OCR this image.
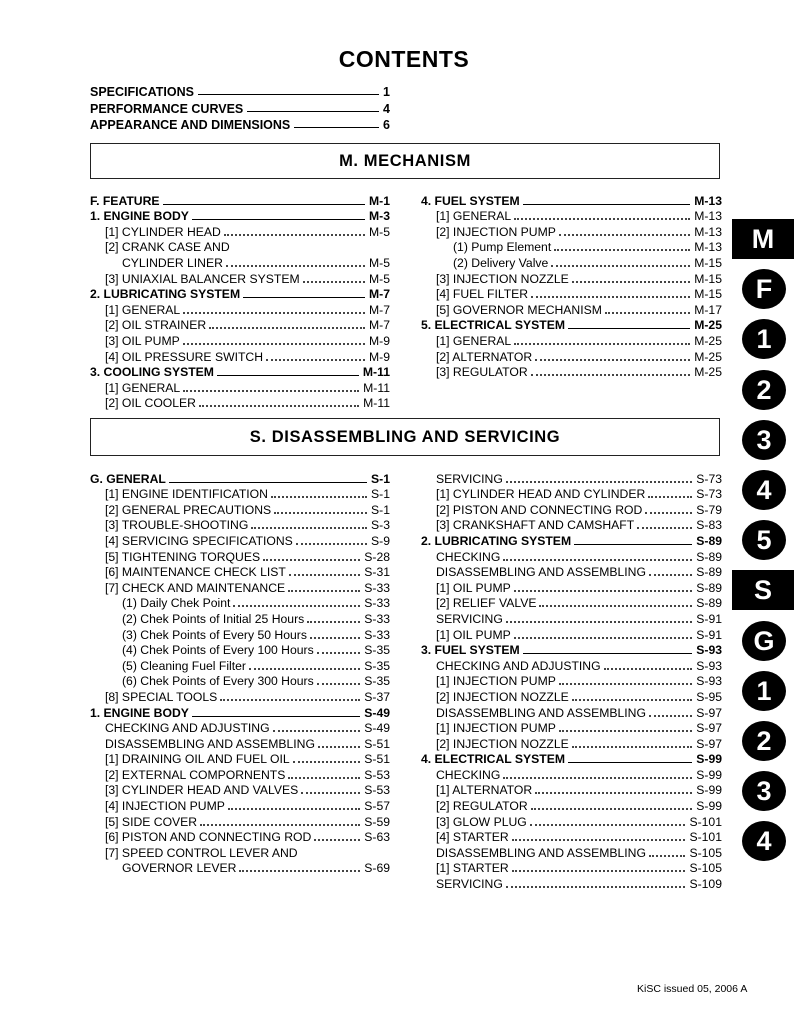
CONTENTS
SPECIFICATIONS	1
PERFORMANCE CURVES	4
APPEARANCE AND DIMENSIONS	6
M. MECHANISM
F. FEATURE	M-1
1. ENGINE BODY	M-3
[1] CYLINDER HEAD	M-5
[2] CRANK CASE AND
CYLINDER LINER	M-5
[3] UNIAXIAL BALANCER SYSTEM	M-5
2. LUBRICATING SYSTEM	M-7
[1] GENERAL	M-7
[2] OIL STRAINER	M-7
[3] OIL PUMP	M-9
[4] OIL PRESSURE SWITCH	M-9
3. COOLING SYSTEM	M-11
[1] GENERAL	M-11
[2] OIL COOLER	M-11
4. FUEL SYSTEM	M-13
[1] GENERAL	M-13
[2] INJECTION PUMP	M-13
(1) Pump Element	M-13
(2) Delivery Valve	M-15
[3] INJECTION NOZZLE	M-15
[4] FUEL FILTER	M-15
[5] GOVERNOR MECHANISM	M-17
5. ELECTRICAL SYSTEM	M-25
[1] GENERAL	M-25
[2] ALTERNATOR	M-25
[3] REGULATOR	M-25
S. DISASSEMBLING AND SERVICING
G. GENERAL	S-1
[1] ENGINE IDENTIFICATION	S-1
[2] GENERAL PRECAUTIONS	S-1
[3] TROUBLE-SHOOTING	S-3
[4] SERVICING SPECIFICATIONS	S-9
[5] TIGHTENING TORQUES	S-28
[6] MAINTENANCE CHECK LIST	S-31
[7] CHECK AND MAINTENANCE	S-33
(1) Daily Chek Point	S-33
(2) Chek Points of Initial 25 Hours	S-33
(3) Chek Points of Every 50 Hours	S-33
(4) Chek Points of Every 100 Hours	S-35
(5) Cleaning Fuel Filter	S-35
(6) Chek Points of Every 300 Hours	S-35
[8] SPECIAL TOOLS	S-37
1. ENGINE BODY	S-49
CHECKING AND ADJUSTING	S-49
DISASSEMBLING AND ASSEMBLING	S-51
[1] DRAINING OIL AND FUEL OIL	S-51
[2] EXTERNAL COMPORNENTS	S-53
[3] CYLINDER HEAD AND VALVES	S-53
[4] INJECTION PUMP	S-57
[5] SIDE COVER	S-59
[6] PISTON AND CONNECTING ROD	S-63
[7] SPEED CONTROL LEVER AND
GOVERNOR LEVER	S-69
SERVICING	S-73
[1] CYLINDER HEAD AND CYLINDER	S-73
[2] PISTON AND CONNECTING ROD	S-79
[3] CRANKSHAFT AND CAMSHAFT	S-83
2. LUBRICATING SYSTEM	S-89
CHECKING	S-89
DISASSEMBLING AND ASSEMBLING	S-89
[1] OIL PUMP	S-89
[2] RELIEF VALVE	S-89
SERVICING	S-91
[1] OIL PUMP	S-91
3. FUEL SYSTEM	S-93
CHECKING AND ADJUSTING	S-93
[1] INJECTION PUMP	S-93
[2] INJECTION NOZZLE	S-95
DISASSEMBLING AND ASSEMBLING	S-97
[1] INJECTION PUMP	S-97
[2] INJECTION NOZZLE	S-97
4. ELECTRICAL SYSTEM	S-99
CHECKING	S-99
[1] ALTERNATOR	S-99
[2] REGULATOR	S-99
[3] GLOW PLUG	S-101
[4] STARTER	S-101
DISASSEMBLING AND ASSEMBLING	S-105
[1] STARTER	S-105
SERVICING	S-109
M
F
1
2
3
4
5
S
G
1
2
3
4
KiSC issued 05, 2006 A
